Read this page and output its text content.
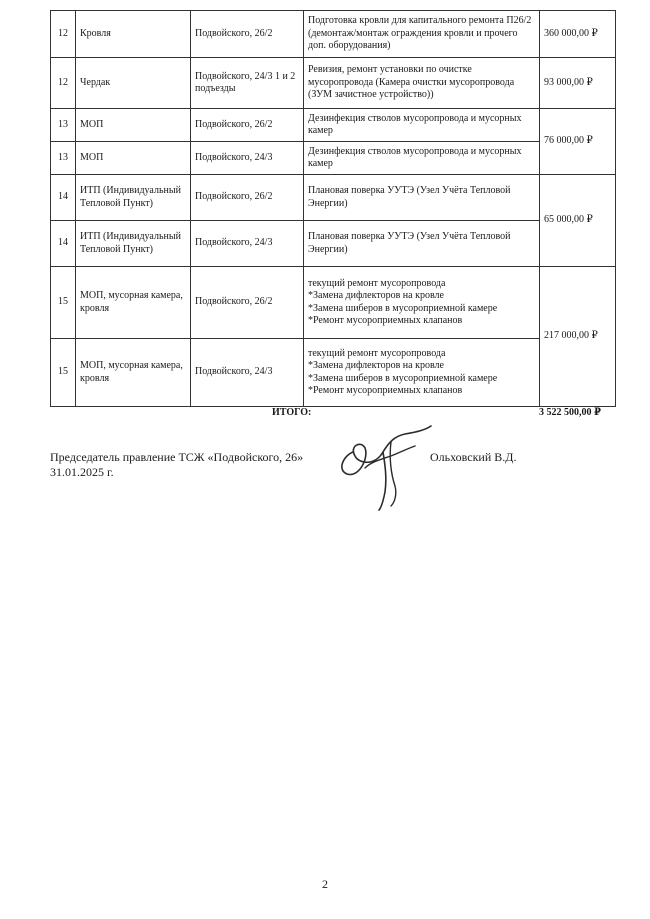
12	Кровля	Подвойского, 26/2	Подготовка кровли для капитального ремонта П26/2 (демонтаж/монтаж ограждения кровли и прочего доп. оборудования)	360 000,00 ₽
12	Чердак	Подвойского, 24/3 1 и 2 подъезды	Ревизия, ремонт установки по очистке мусоропровода (Камера очистки мусоропровода (ЗУМ зачистное устройство))	93 000,00 ₽
13	МОП	Подвойского, 26/2	Дезинфекция стволов мусоропровода и мусорных камер	76 000,00 ₽
13	МОП	Подвойского, 24/3	Дезинфекция стволов мусоропровода и мусорных камер	

14	ИТП (Индивидуальный Тепловой Пункт)	Подвойского, 26/2	Плановая поверка УУТЭ (Узел Учёта Тепловой Энергии)	65 000,00 ₽
14	ИТП (Индивидуальный Тепловой Пункт)	Подвойского, 24/3	Плановая поверка УУТЭ (Узел Учёта Тепловой Энергии)	

15	МОП, мусорная камера, кровля	Подвойского, 26/2	текущий ремонт мусоропровода
*Замена дифлекторов на кровле
*Замена шиберов в мусороприемной камере
*Ремонт мусороприемных клапанов	217 000,00 ₽
15	МОП, мусорная камера, кровля	Подвойского, 24/3	текущий ремонт мусоропровода
*Замена дифлекторов на кровле
*Замена шиберов в мусороприемной камере
*Ремонт мусороприемных клапанов	
ИТОГО:	3 522 500,00 ₽
Председатель правление ТСЖ «Подвойского, 26»	Ольховский В.Д.
31.01.2025 г.
2
